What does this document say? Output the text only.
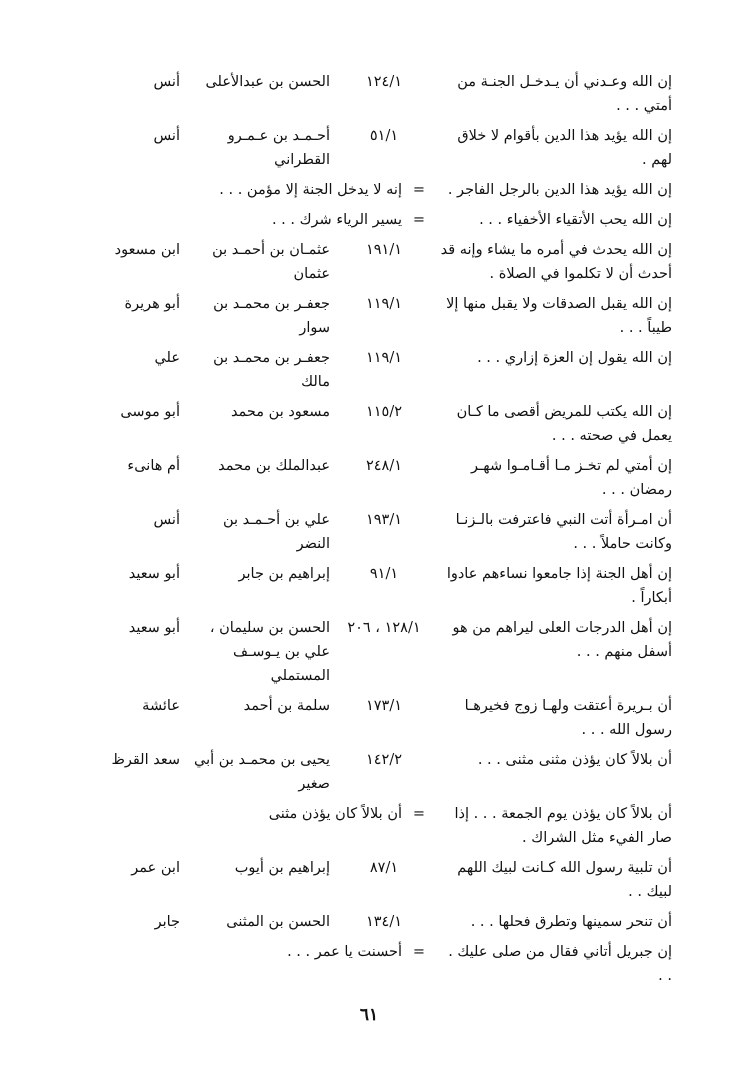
إن الله وعـدني أن يـدخـل الجنـة من أمتي . . .
١٢٤/١
الحسن بن عبدالأعلى
أنس
إن الله يؤيد هذا الدين بأقوام لا خلاق لهم .
٥١/١
أحـمـد بن عـمـرو القطراني
أنس
إن الله يؤيد هذا الدين بالرجل الفاجر .
=
إنه لا يدخل الجنة إلا مؤمن . . .
إن الله يحب الأتقياء الأخفياء . . .
=
يسير الرياء شرك . . .
إن الله يحدث في أمره ما يشاء وإنه قد أحدث أن لا تكلموا في الصلاة .
١٩١/١
عثمـان بن أحمـد بن عثمان
ابن مسعود
إن الله يقبل الصدقات ولا يقبل منها إلا طيباً . . .
١١٩/١
جعفـر بن محمـد بن سوار
أبو هريرة
إن الله يقول إن العزة إزاري . . .
١١٩/١
جعفـر بن محمـد بن مالك
علي
إن الله يكتب للمريض أقصى ما كـان يعمل في صحته . . .
١١٥/٢
مسعود بن محمد
أبو موسى
إن أمتي لم تخـز مـا أقـامـوا شهـر رمضان . . .
٢٤٨/١
عبدالملك بن محمد
أم هانىء
أن امـرأة أتت النبي فاعترفت بالـزنـا وكانت حاملاً . . .
١٩٣/١
علي بن أحـمـد بن النضر
أنس
إن أهل الجنة إذا جامعوا نساءهم عادوا أبكاراً .
٩١/١
إبراهيم بن جابر
أبو سعيد
إن أهل الدرجات العلى ليراهم من هو أسفل منهم . . .
١٢٨/١ ، ٢٠٦
الحسن بن سليمان ، علي بن يـوسـف المستملي
أبو سعيد
أن بـريرة أعتقت ولهـا زوج فخيرهـا رسول الله . . .
١٧٣/١
سلمة بن أحمد
عائشة
أن بلالاً كان يؤذن مثنى مثنى . . .
١٤٢/٢
يحيى بن محمـد بن أبي صغير
سعد القرظ
أن بلالاً كان يؤذن يوم الجمعة . . . إذا صار الفيء مثل الشراك .
=
أن بلالاً كان يؤذن مثنى
أن تلبية رسول الله كـانت لبيك اللهم لبيك . .
٨٧/١
إبراهيم بن أيوب
ابن عمر
أن تنحر سمينها وتطرق فحلها . . .
١٣٤/١
الحسن بن المثنى
جابر
إن جبريل أتاني فقال من صلى عليك . . .
=
أحسنت يا عمر . . .
٦١
